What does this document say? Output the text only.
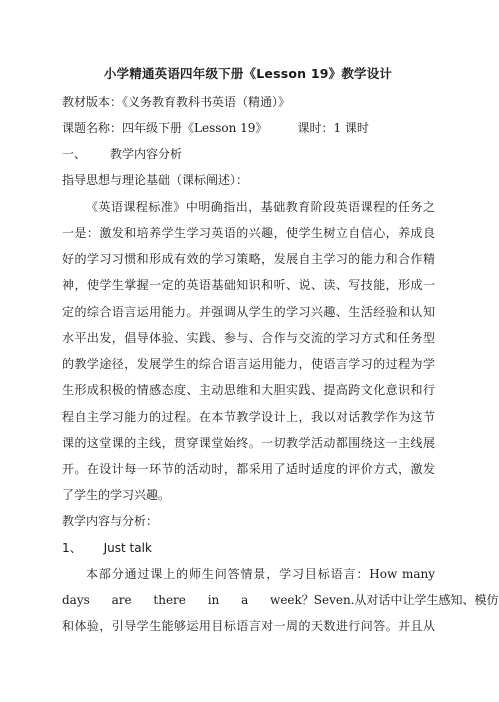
小学精通英语四年级下册《Lesson 19》教学设计
教材版本：《义务教育教科书英语（精通）》
课题名称：四年级下册《Lesson 19》	课时：1 课时
一、 教学内容分析
指导思想与理论基础（课标阐述）：
《英语课程标准》中明确指出，基础教育阶段英语课程的任务之
一是：激发和培养学生学习英语的兴趣，使学生树立自信心，养成良
好的学习习惯和形成有效的学习策略，发展自主学习的能力和合作精
神，使学生掌握一定的英语基础知识和听、说、读、写技能，形成一
定的综合语言运用能力。并强调从学生的学习兴趣、生活经验和认知
水平出发，倡导体验、实践、参与、合作与交流的学习方式和任务型
的教学途径，发展学生的综合语言运用能力，使语言学习的过程为学
生形成积极的情感态度、主动思维和大胆实践、提高跨文化意识和行
程自主学习能力的过程。在本节教学设计上，我以对话教学作为这节
课的这堂课的主线，贯穿课堂始终。一切教学活动都围绕这一主线展
开。在设计每一环节的活动时，都采用了适时适度的评价方式，激发
了学生的学习兴趣。
教学内容与分析：
1、 Just talk
本部分通过课上的师生问答情景，学习目标语言：How many
days are there in a week？Seven.从对话中让学生感知、模仿
和体验，引导学生能够运用目标语言对一周的天数进行问答。并且从
